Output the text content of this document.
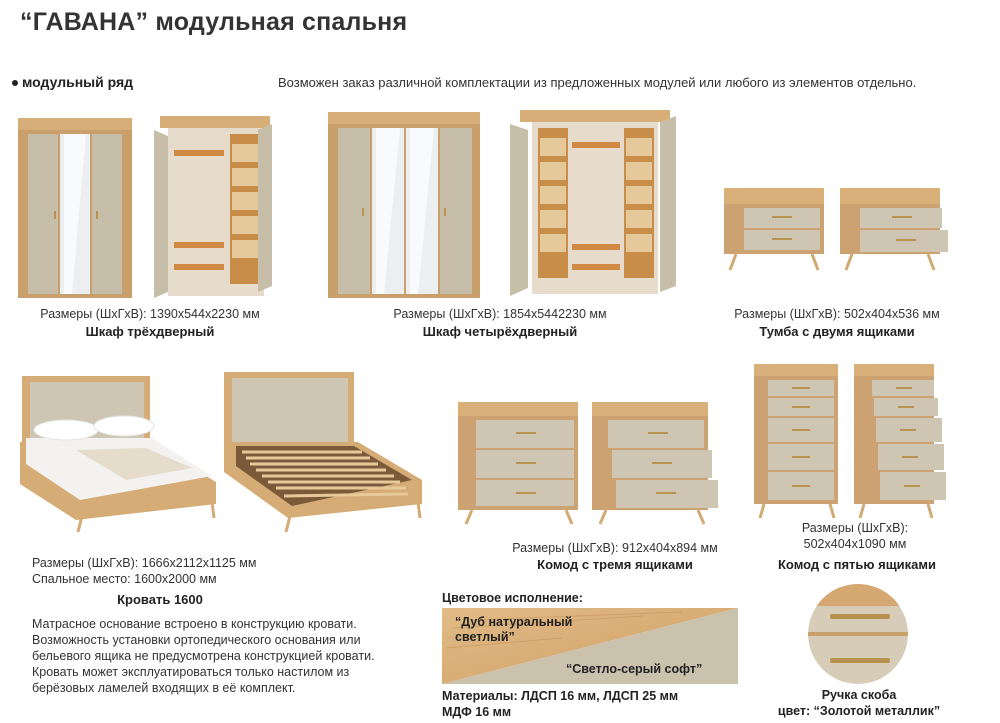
“ГАВАНА” модульная спальня
модульный ряд	Возможен заказ различной комплектации из предложенных модулей или любого из элементов отдельно.
Размеры (ШхГхВ): 1390х544х2230 мм
Шкаф трёхдверный
Размеры (ШхГхВ): 1854х5442230 мм
Шкаф четырёхдверный
Размеры (ШхГхВ): 502х404х536 мм
Тумба с двумя ящиками
Размеры (ШхГхВ): 1666х2112х1125 мм
Спальное место: 1600х2000 мм
Кровать 1600
Размеры (ШхГхВ): 912х404х894 мм
Комод с тремя ящиками
Размеры (ШхГхВ):
502х404х1090 мм
Комод с пятью ящиками

Матрасное основание встроено в конструкцию кровати.

Возможность установки ортопедического основания или

бельевого ящика не предусмотрена конструкцией кровати.

Кровать может эксплуатироваться только настилом из

берёзовых ламелей входящих в её комплект.

Цветовое исполнение:
“Дуб натуральный
светлый”
“Светло-серый софт”
Материалы: ЛДСП 16 мм, ЛДСП 25 мм
МДФ 16 мм
Ручка скоба
цвет: “Золотой металлик”
